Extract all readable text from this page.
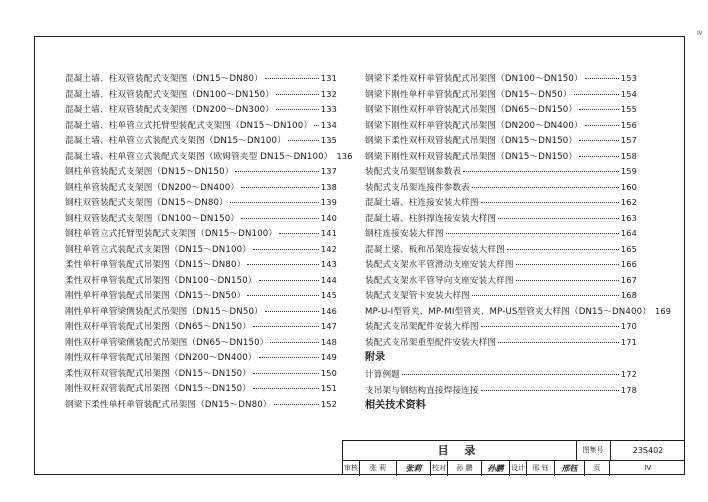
Ⅳ
混凝土墙、柱双管装配式支架图（DN15～DN80）	131
混凝土墙、柱双管装配式支架图（DN100～DN150）	132
混凝土墙、柱双管装配式支架图（DN200～DN300）	133
混凝土墙、柱单管立式托臂型装配式支架图（DN15～DN100） 134
混凝土墙、柱单管立式装配式支架图（DN15～DN100）	135
混凝土墙、柱单管立式装配式支架图（欧姆管夹型 DN15～DN100） 136
钢柱单管装配式支架图（DN15～DN150）	137
钢柱单管装配式支架图（DN200～DN400）	138
钢柱双管装配式支架图（DN15～DN80）	139
钢柱双管装配式支架图（DN100～DN150）	140
钢柱单管立式托臂型装配式支架图（DN15～DN100）	141
钢柱单管立式装配式支架图（DN15～DN100）	142
柔性单杆单管装配式吊架图（DN15～DN80）	143
柔性双杆单管装配式吊架图（DN100～DN150）	144
刚性单杆单管装配式吊架图（DN15～DN50）	145
刚性单杆单管梁侧装配式吊架图（DN15～DN50）	146
刚性双杆单管装配式吊架图（DN65～DN150）	147
刚性双杆单管梁侧装配式吊架图（DN65～DN150）	148
刚性双杆单管装配式吊架图（DN200～DN400）	149
柔性双杆双管装配式吊架图（DN15～DN150）	150
刚性双杆双管装配式吊架图（DN15～DN150）	151
钢梁下柔性单杆单管装配式吊架图（DN15～DN80）	152
钢梁下柔性双杆单管装配式吊架图（DN100～DN150）	153
钢梁下刚性单杆单管装配式吊架图（DN15～DN50）	154
钢梁下刚性双杆单管装配式吊架图（DN65～DN150）	155
钢梁下刚性双杆单管装配式吊架图（DN200～DN400）	156
钢梁下柔性双杆双管装配式吊架图（DN15～DN150）	157
钢梁下刚性双杆双管装配式吊架图（DN15～DN150）	158
装配式支吊架型钢参数表	159
装配式支吊架连接件参数表	160
混凝土墙、柱连接安装大样图	162
混凝土墙、柱斜撑连接安装大样图	163
钢柱连接安装大样图	164
混凝土梁、板和吊架连接安装大样图	165
装配式支架水平管滑动支座安装大样图	166
装配式支架水平管导向支座安装大样图	167
装配式支架管卡安装大样图	168
MP-U-Ⅰ型管夹、MP-MI型管夹、MP-US型管夹大样图（DN15～DN400） 169
装配式支吊架配件安装大样图	170
装配式支吊架重型配件安装大样图	171
附录
计算例题	172
支吊架与钢结构直接焊接连接	178
相关技术资料
目 录	图集号	23S402
审核	张 莉	张莉	校对	孙 鹏	孙鹏	设计	邢 钰	邢钰	页	Ⅳ
